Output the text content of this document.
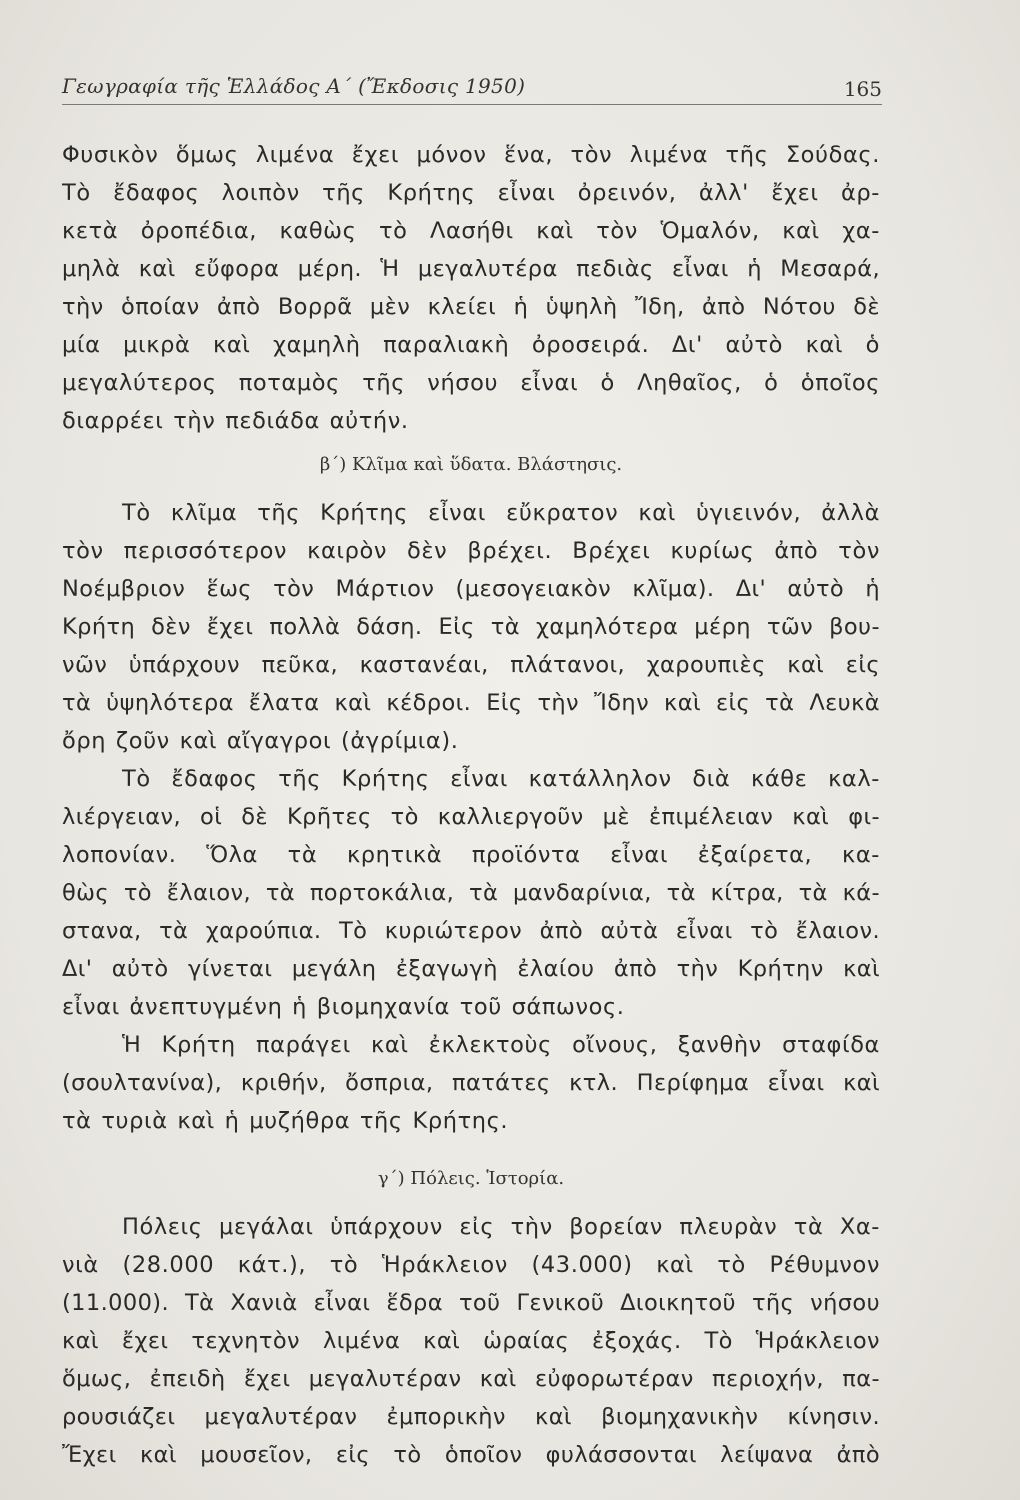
Γεωγραφία τῆς Ἑλλάδος Α΄ (Ἔκδοσις 1950)	165
Φυσικὸν ὅμως λιμένα ἔχει μόνον ἕνα, τὸν λιμένα τῆς Σούδας.
Τὸ ἔδαφος λοιπὸν τῆς Κρήτης εἶναι ὀρεινόν, ἀλλ' ἔχει ἀρ-
κετὰ ὀροπέδια, καθὼς τὸ Λασήθι καὶ τὸν Ὁμαλόν, καὶ χα-
μηλὰ καὶ εὔφορα μέρη. Ἡ μεγαλυτέρα πεδιὰς εἶναι ἡ Μεσαρά,
τὴν ὁποίαν ἀπὸ Βορρᾶ μὲν κλείει ἡ ὑψηλὴ Ἴδη, ἀπὸ Νότου δὲ
μία μικρὰ καὶ χαμηλὴ παραλιακὴ ὀροσειρά. Δι' αὐτὸ καὶ ὁ
μεγαλύτερος ποταμὸς τῆς νήσου εἶναι ὁ Ληθαῖος, ὁ ὁποῖος
διαρρέει τὴν πεδιάδα αὐτήν.
β΄) Κλῖμα καὶ ὕδατα. Βλάστησις.
Τὸ κλῖμα τῆς Κρήτης εἶναι εὔκρατον καὶ ὑγιεινόν, ἀλλὰ
τὸν περισσότερον καιρὸν δὲν βρέχει. Βρέχει κυρίως ἀπὸ τὸν
Νοέμβριον ἕως τὸν Μάρτιον (μεσογειακὸν κλῖμα). Δι' αὐτὸ ἡ
Κρήτη δὲν ἔχει πολλὰ δάση. Εἰς τὰ χαμηλότερα μέρη τῶν βου-
νῶν ὑπάρχουν πεῦκα, καστανέαι, πλάτανοι, χαρουπιὲς καὶ εἰς
τὰ ὑψηλότερα ἔλατα καὶ κέδροι. Εἰς τὴν Ἴδην καὶ εἰς τὰ Λευκὰ
ὄρη ζοῦν καὶ αἴγαγροι (ἀγρίμια).
Τὸ ἔδαφος τῆς Κρήτης εἶναι κατάλληλον διὰ κάθε καλ-
λιέργειαν, οἱ δὲ Κρῆτες τὸ καλλιεργοῦν μὲ ἐπιμέλειαν καὶ φι-
λοπονίαν. Ὅλα τὰ κρητικὰ προϊόντα εἶναι ἐξαίρετα, κα-
θὼς τὸ ἔλαιον, τὰ πορτοκάλια, τὰ μανδαρίνια, τὰ κίτρα, τὰ κά-
στανα, τὰ χαρούπια. Τὸ κυριώτερον ἀπὸ αὐτὰ εἶναι τὸ ἔλαιον.
Δι' αὐτὸ γίνεται μεγάλη ἐξαγωγὴ ἐλαίου ἀπὸ τὴν Κρήτην καὶ
εἶναι ἀνεπτυγμένη ἡ βιομηχανία τοῦ σάπωνος.
Ἡ Κρήτη παράγει καὶ ἐκλεκτοὺς οἴνους, ξανθὴν σταφίδα
(σουλτανίνα), κριθήν, ὄσπρια, πατάτες κτλ. Περίφημα εἶναι καὶ
τὰ τυριὰ καὶ ἡ μυζήθρα τῆς Κρήτης.
γ΄) Πόλεις. Ἱστορία.
Πόλεις μεγάλαι ὑπάρχουν εἰς τὴν βορείαν πλευρὰν τὰ Χα-
νιὰ (28.000 κάτ.), τὸ Ἡράκλειον (43.000) καὶ τὸ Ρέθυμνον
(11.000). Τὰ Χανιὰ εἶναι ἕδρα τοῦ Γενικοῦ Διοικητοῦ τῆς νήσου
καὶ ἔχει τεχνητὸν λιμένα καὶ ὡραίας ἐξοχάς. Τὸ Ἡράκλειον
ὅμως, ἐπειδὴ ἔχει μεγαλυτέραν καὶ εὐφορωτέραν περιοχήν, πα-
ρουσιάζει μεγαλυτέραν ἐμπορικὴν καὶ βιομηχανικὴν κίνησιν.
Ἔχει καὶ μουσεῖον, εἰς τὸ ὁποῖον φυλάσσονται λείψανα ἀπὸ
